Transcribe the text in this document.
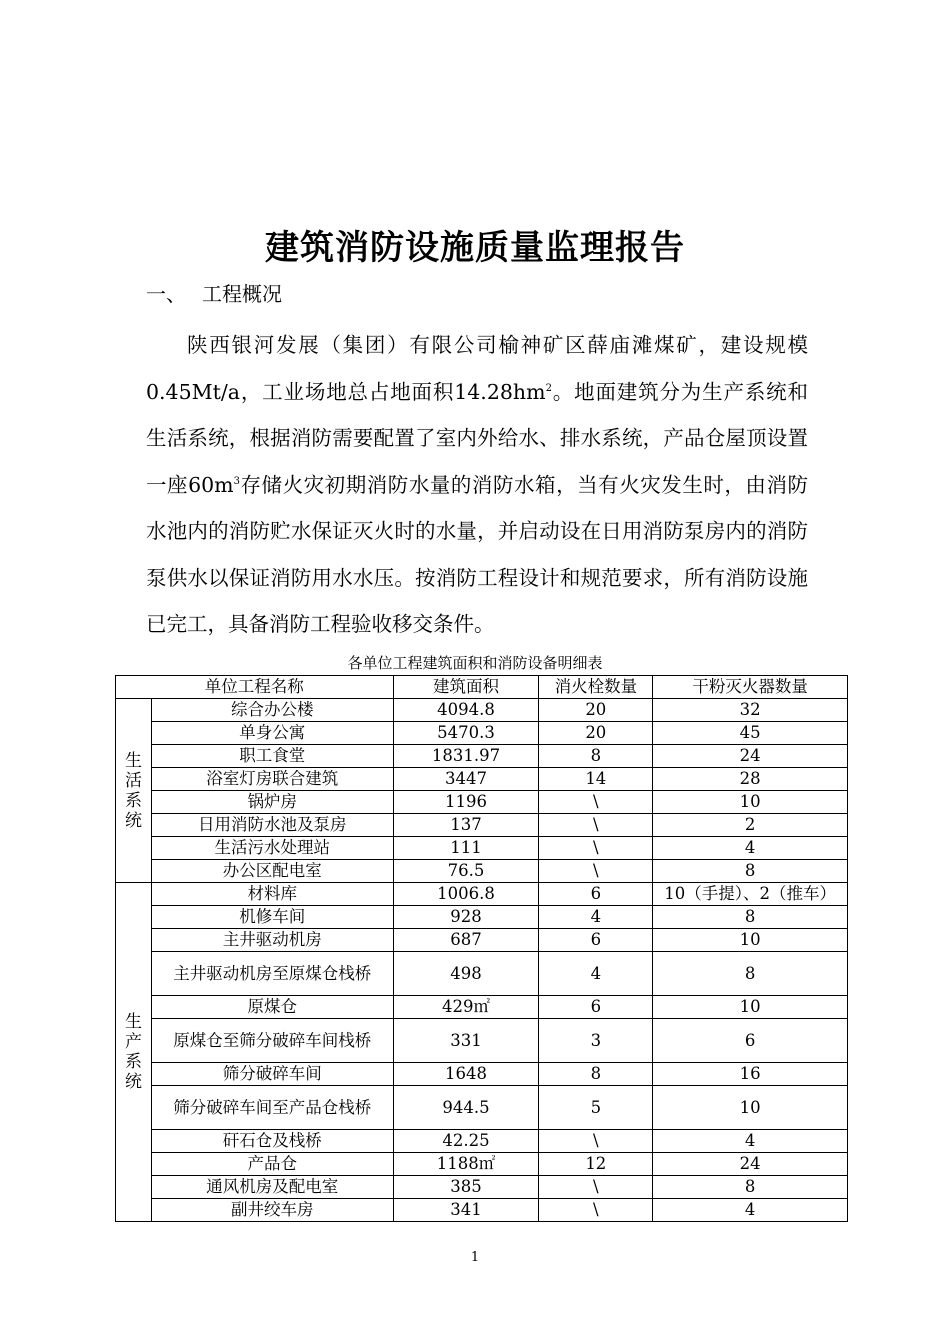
建筑消防设施质量监理报告
一、 工程概况

陕西银河发展（集团）有限公司榆神矿区薛庙滩煤矿，建设规模0.45Mt/a，工业场地总占地面积$14.28hm^2$。地面建筑分为生产系统和生活系统，根据消防需要配置了室内外给水、排水系统，产品仓屋顶设置一座$60m^3$存储火灾初期消防水量的消防水箱，当有火灾发生时，由消防水池内的消防贮水保证灭火时的水量，并启动设在日用消防泵房内的消防泵供水以保证消防用水水压。按消防工程设计和规范要求，所有消防设施已完工，具备消防工程验收移交条件。

各单位工程建筑面积和消防设备明细表
单位工程名称		建筑面积	消火栓数量	干粉灭火器数量

生
活
系
统	综合办公楼	4094.8	20	32
	单身公寓	5470.3	20	45
	职工食堂	1831.97	8	24
	浴室灯房联合建筑	3447	14	28
	锅炉房	1196	\	10
	日用消防水池及泵房	137	\	2
	生活污水处理站	111	\	4
	办公区配电室	76.5	\	8

生
产
系
统	材料库	1006.8	6	10（手提）、2（推车）
	机修车间	928	4	8
	主井驱动机房	687	6	10
	主井驱动机房至原煤仓栈桥	498	4	8
	原煤仓	429㎡	6	10
	原煤仓至筛分破碎车间栈桥	331	3	6
	筛分破碎车间	1648	8	16
	筛分破碎车间至产品仓栈桥	944.5	5	10
	矸石仓及栈桥	42.25	\	4
	产品仓	1188㎡	12	24
	通风机房及配电室	385	\	8
	副井绞车房	341	\	4
1
